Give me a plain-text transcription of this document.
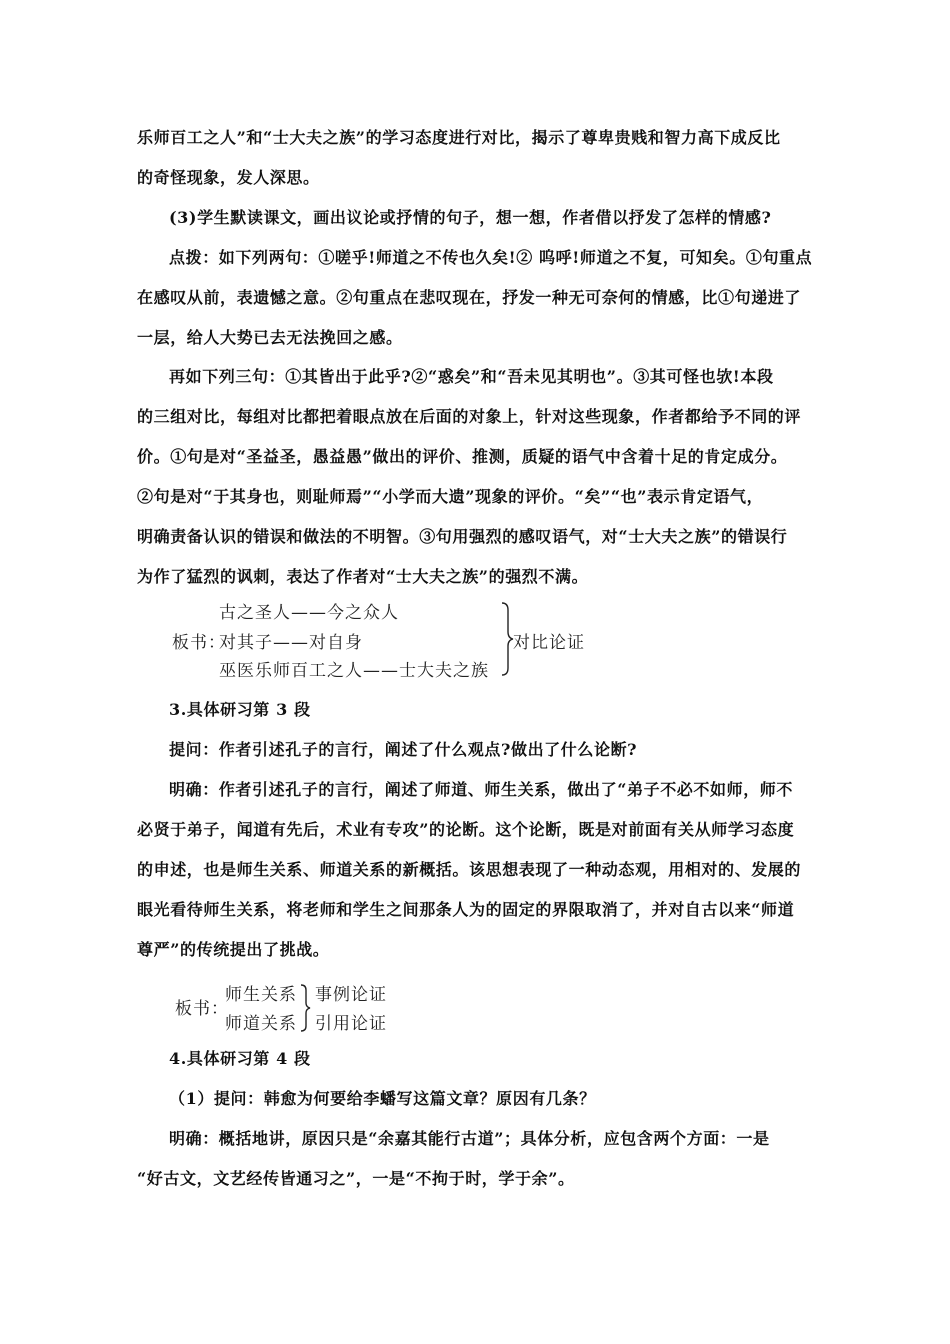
乐师百工之人”和“士大夫之族”的学习态度进行对比，揭示了尊卑贵贱和智力高下成反比
的奇怪现象，发人深思。
(3)学生默读课文，画出议论或抒情的句子，想一想，作者借以抒发了怎样的情感?
点拨：如下列两句：①嗟乎!师道之不传也久矣!② 呜呼!师道之不复，可知矣。①句重点
在感叹从前，表遗憾之意。②句重点在悲叹现在，抒发一种无可奈何的情感，比①句递进了
一层，给人大势已去无法挽回之感。
再如下列三句：①其皆出于此乎?②“惑矣”和“吾未见其明也”。③其可怪也欤!本段
的三组对比，每组对比都把着眼点放在后面的对象上，针对这些现象，作者都给予不同的评
价。①句是对“圣益圣，愚益愚”做出的评价、推测，质疑的语气中含着十足的肯定成分。
②句是对“于其身也，则耻师焉”“小学而大遗”现象的评价。“矣”“也”表示肯定语气，
明确责备认识的错误和做法的不明智。③句用强烈的感叹语气，对“士大夫之族”的错误行
为作了猛烈的讽刺，表达了作者对“士大夫之族”的强烈不满。
古之圣人——今之众人
板书：
对其子——对自身
巫医乐师百工之人——士大夫之族
对比论证
3.具体研习第 3 段
提问：作者引述孔子的言行，阐述了什么观点?做出了什么论断?
明确：作者引述孔子的言行，阐述了师道、师生关系，做出了“弟子不必不如师，师不
必贤于弟子，闻道有先后，术业有专攻”的论断。这个论断，既是对前面有关从师学习态度
的申述，也是师生关系、师道关系的新概括。该思想表现了一种动态观，用相对的、发展的
眼光看待师生关系，将老师和学生之间那条人为的固定的界限取消了，并对自古以来“师道
尊严”的传统提出了挑战。
师生关系
板书：
师道关系
事例论证
引用论证
4.具体研习第 4 段
（1）提问：韩愈为何要给李蟠写这篇文章？原因有几条？
明确：概括地讲，原因只是“余嘉其能行古道”；具体分析，应包含两个方面：一是
“好古文，文艺经传皆通习之”，一是“不拘于时，学于余”。
